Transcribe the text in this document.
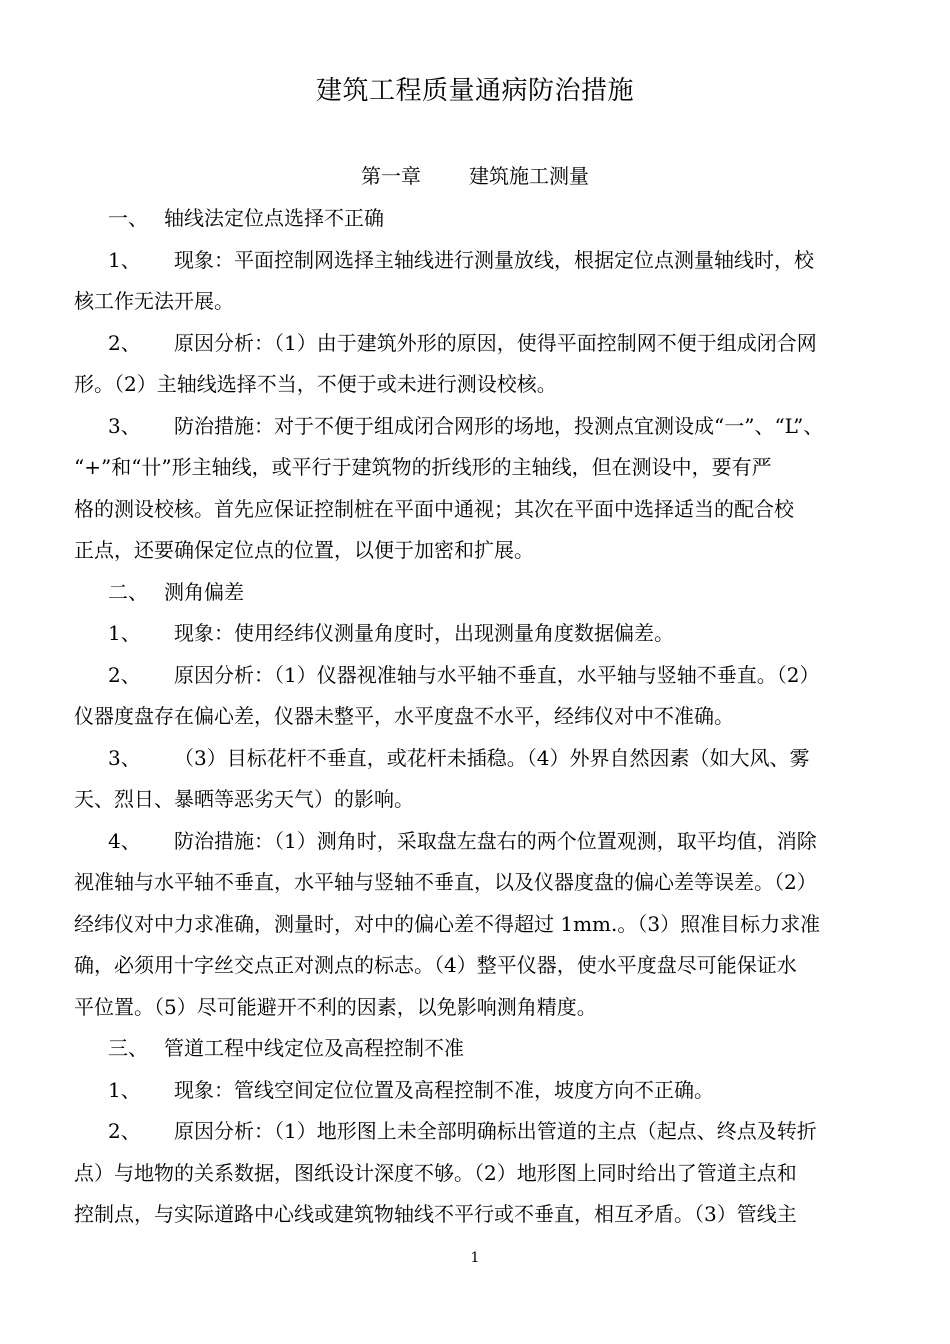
建筑工程质量通病防治措施
第一章 建筑施工测量
一、 轴线法定位点选择不正确
1、 现象：平面控制网选择主轴线进行测量放线，根据定位点测量轴线时，校
核工作无法开展。
2、 原因分析：（1）由于建筑外形的原因，使得平面控制网不便于组成闭合网
形。（2）主轴线选择不当，不便于或未进行测设校核。
3、 防治措施：对于不便于组成闭合网形的场地，投测点宜测设成“一”、“L”、
“+”和“卄”形主轴线，或平行于建筑物的折线形的主轴线，但在测设中，要有严
格的测设校核。首先应保证控制桩在平面中通视；其次在平面中选择适当的配合校
正点，还要确保定位点的位置，以便于加密和扩展。
二、 测角偏差
1、 现象：使用经纬仪测量角度时，出现测量角度数据偏差。
2、 原因分析：（1）仪器视准轴与水平轴不垂直，水平轴与竖轴不垂直。（2）
仪器度盘存在偏心差，仪器未整平，水平度盘不水平，经纬仪对中不准确。
3、 （3）目标花杆不垂直，或花杆未插稳。（4）外界自然因素（如大风、雾
天、烈日、暴晒等恶劣天气）的影响。
4、 防治措施：（1）测角时，采取盘左盘右的两个位置观测，取平均值，消除
视准轴与水平轴不垂直，水平轴与竖轴不垂直，以及仪器度盘的偏心差等误差。（2）
经纬仪对中力求准确，测量时，对中的偏心差不得超过 1mm.。（3）照准目标力求准
确，必须用十字丝交点正对测点的标志。（4）整平仪器，使水平度盘尽可能保证水
平位置。（5）尽可能避开不利的因素，以免影响测角精度。
三、 管道工程中线定位及高程控制不准
1、 现象：管线空间定位位置及高程控制不准，坡度方向不正确。
2、 原因分析：（1）地形图上未全部明确标出管道的主点（起点、终点及转折
点）与地物的关系数据，图纸设计深度不够。（2）地形图上同时给出了管道主点和
控制点，与实际道路中心线或建筑物轴线不平行或不垂直，相互矛盾。（3）管线主
1
